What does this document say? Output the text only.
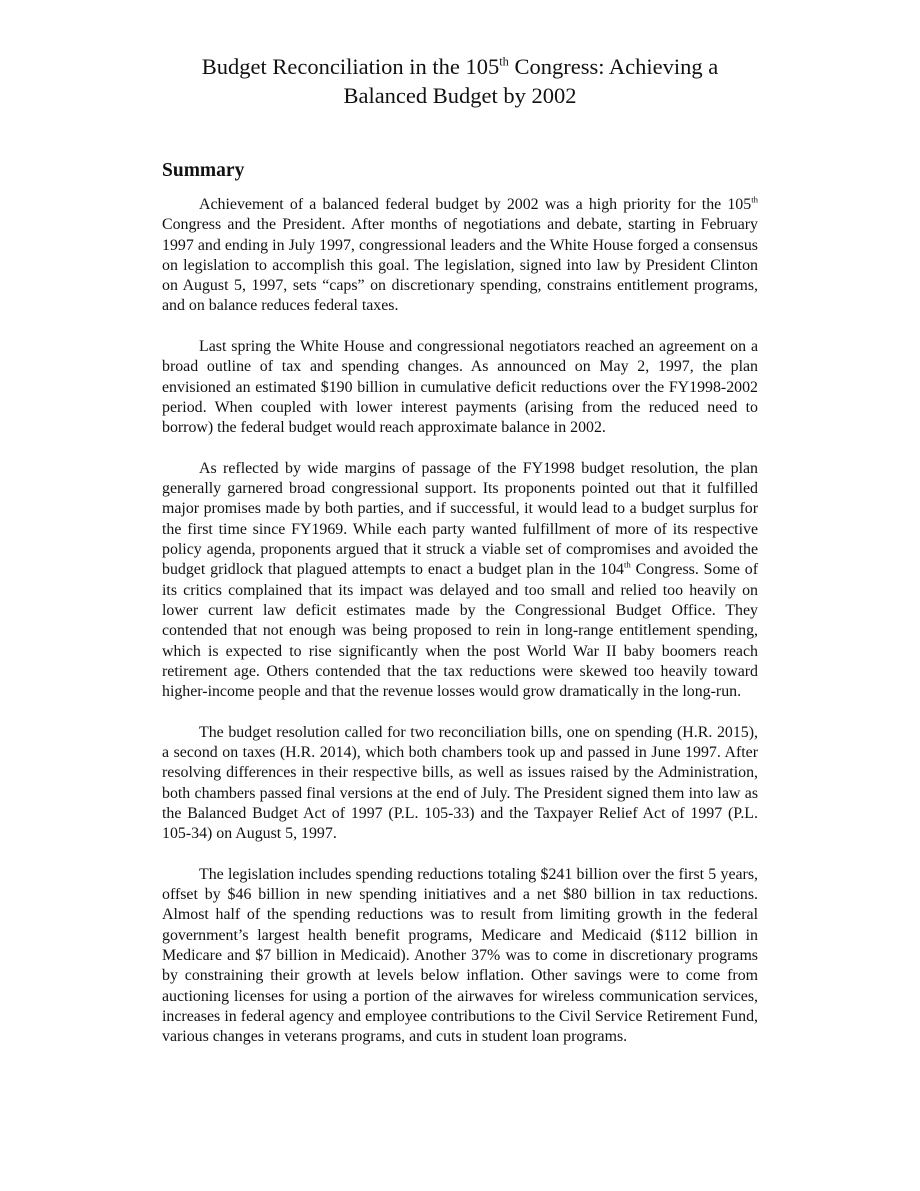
Budget Reconciliation in the 105th Congress: Achieving a Balanced Budget by 2002
Summary

Achievement of a balanced federal budget by 2002 was a high priority for the 105th Congress and the President. After months of negotiations and debate, starting in February 1997 and ending in July 1997, congressional leaders and the White House forged a consensus on legislation to accomplish this goal. The legislation, signed into law by President Clinton on August 5, 1997, sets “caps” on discretionary spending, constrains entitlement programs, and on balance reduces federal taxes.

Last spring the White House and congressional negotiators reached an agreement on a broad outline of tax and spending changes. As announced on May 2, 1997, the plan envisioned an estimated $190 billion in cumulative deficit reductions over the FY1998-2002 period. When coupled with lower interest payments (arising from the reduced need to borrow) the federal budget would reach approximate balance in 2002.

As reflected by wide margins of passage of the FY1998 budget resolution, the plan generally garnered broad congressional support. Its proponents pointed out that it fulfilled major promises made by both parties, and if successful, it would lead to a budget surplus for the first time since FY1969. While each party wanted fulfillment of more of its respective policy agenda, proponents argued that it struck a viable set of compromises and avoided the budget gridlock that plagued attempts to enact a budget plan in the 104th Congress. Some of its critics complained that its impact was delayed and too small and relied too heavily on lower current law deficit estimates made by the Congressional Budget Office. They contended that not enough was being proposed to rein in long-range entitlement spending, which is expected to rise significantly when the post World War II baby boomers reach retirement age. Others contended that the tax reductions were skewed too heavily toward higher-income people and that the revenue losses would grow dramatically in the long-run.

The budget resolution called for two reconciliation bills, one on spending (H.R. 2015), a second on taxes (H.R. 2014), which both chambers took up and passed in June 1997. After resolving differences in their respective bills, as well as issues raised by the Administration, both chambers passed final versions at the end of July. The President signed them into law as the Balanced Budget Act of 1997 (P.L. 105-33) and the Taxpayer Relief Act of 1997 (P.L. 105-34) on August 5, 1997.

The legislation includes spending reductions totaling $241 billion over the first 5 years, offset by $46 billion in new spending initiatives and a net $80 billion in tax reductions. Almost half of the spending reductions was to result from limiting growth in the federal government’s largest health benefit programs, Medicare and Medicaid ($112 billion in Medicare and $7 billion in Medicaid). Another 37% was to come in discretionary programs by constraining their growth at levels below inflation. Other savings were to come from auctioning licenses for using a portion of the airwaves for wireless communication services, increases in federal agency and employee contributions to the Civil Service Retirement Fund, various changes in veterans programs, and cuts in student loan programs.
